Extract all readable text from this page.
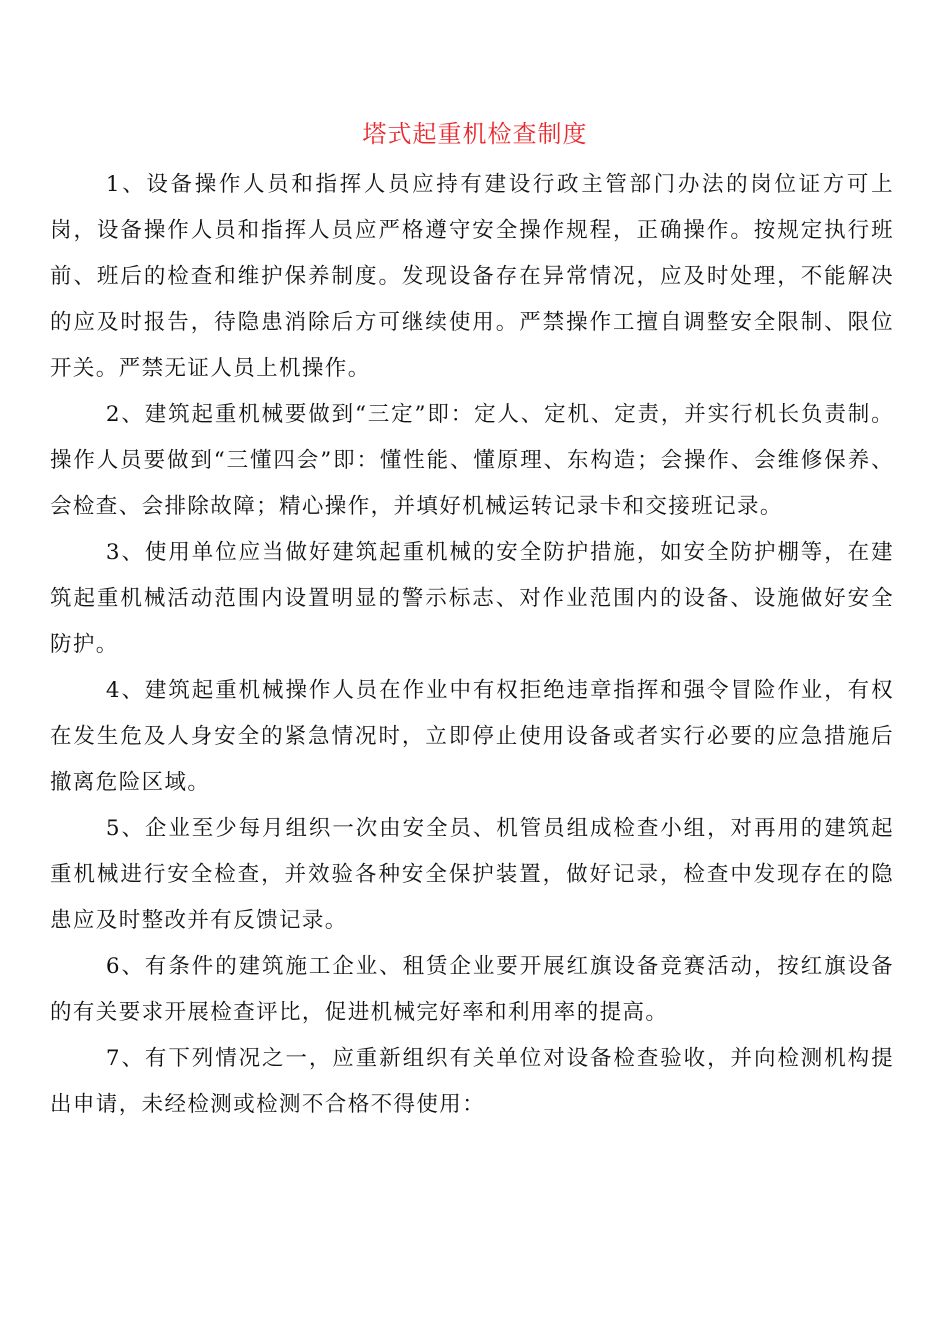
塔式起重机检查制度

1、设备操作人员和指挥人员应持有建设行政主管部门办法的岗位证方可上岗，设备操作人员和指挥人员应严格遵守安全操作规程，正确操作。按规定执行班前、班后的检查和维护保养制度。发现设备存在异常情况，应及时处理，不能解决的应及时报告，待隐患消除后方可继续使用。严禁操作工擅自调整安全限制、限位开关。严禁无证人员上机操作。

2、建筑起重机械要做到“三定”即：定人、定机、定责，并实行机长负责制。操作人员要做到“三懂四会”即：懂性能、懂原理、东构造；会操作、会维修保养、会检查、会排除故障；精心操作，并填好机械运转记录卡和交接班记录。

3、使用单位应当做好建筑起重机械的安全防护措施，如安全防护棚等，在建筑起重机械活动范围内设置明显的警示标志、对作业范围内的设备、设施做好安全防护。

4、建筑起重机械操作人员在作业中有权拒绝违章指挥和强令冒险作业，有权在发生危及人身安全的紧急情况时，立即停止使用设备或者实行必要的应急措施后撤离危险区域。

5、企业至少每月组织一次由安全员、机管员组成检查小组，对再用的建筑起重机械进行安全检查，并效验各种安全保护装置，做好记录，检查中发现存在的隐患应及时整改并有反馈记录。

6、有条件的建筑施工企业、租赁企业要开展红旗设备竞赛活动，按红旗设备的有关要求开展检查评比，促进机械完好率和利用率的提高。

7、有下列情况之一，应重新组织有关单位对设备检查验收，并向检测机构提出申请，未经检测或检测不合格不得使用：
